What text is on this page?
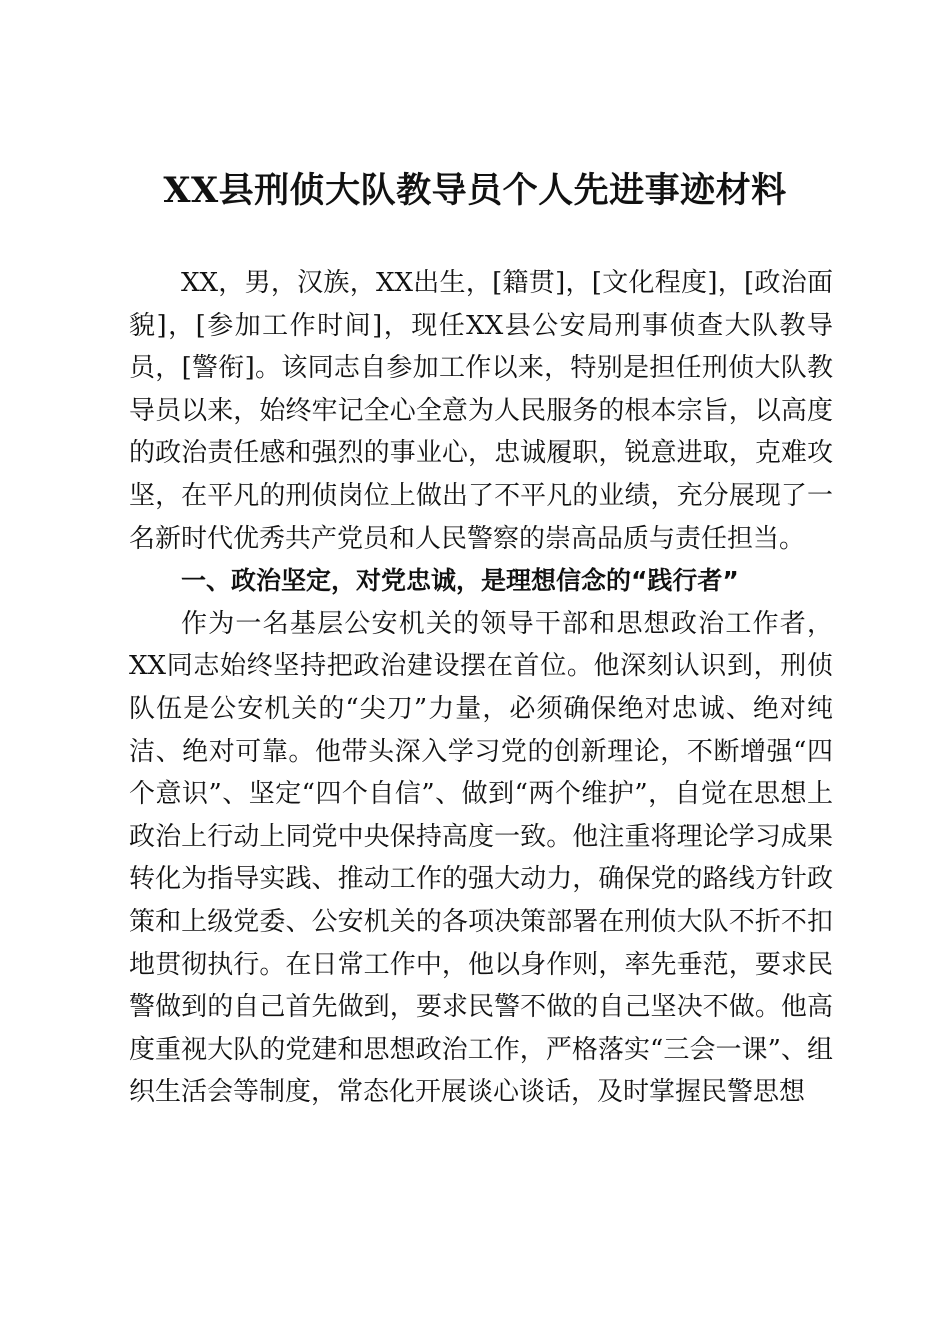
XX县刑侦大队教导员个人先进事迹材料

XX，男，汉族，XX出生，[籍贯]，[文化程度]，[政治面貌]，[参加工作时间]，现任XX县公安局刑事侦查大队教导员，[警衔]。该同志自参加工作以来，特别是担任刑侦大队教导员以来，始终牢记全心全意为人民服务的根本宗旨，以高度的政治责任感和强烈的事业心，忠诚履职，锐意进取，克难攻坚，在平凡的刑侦岗位上做出了不平凡的业绩，充分展现了一名新时代优秀共产党员和人民警察的崇高品质与责任担当。

一、政治坚定，对党忠诚，是理想信念的“践行者”

作为一名基层公安机关的领导干部和思想政治工作者，XX同志始终坚持把政治建设摆在首位。他深刻认识到，刑侦队伍是公安机关的“尖刀”力量，必须确保绝对忠诚、绝对纯洁、绝对可靠。他带头深入学习党的创新理论，不断增强“四个意识”、坚定“四个自信”、做到“两个维护”，自觉在思想上政治上行动上同党中央保持高度一致。他注重将理论学习成果转化为指导实践、推动工作的强大动力，确保党的路线方针政策和上级党委、公安机关的各项决策部署在刑侦大队不折不扣地贯彻执行。在日常工作中，他以身作则，率先垂范，要求民警做到的自己首先做到，要求民警不做的自己坚决不做。他高度重视大队的党建和思想政治工作，严格落实“三会一课”、组织生活会等制度，常态化开展谈心谈话，及时掌握民警思想
